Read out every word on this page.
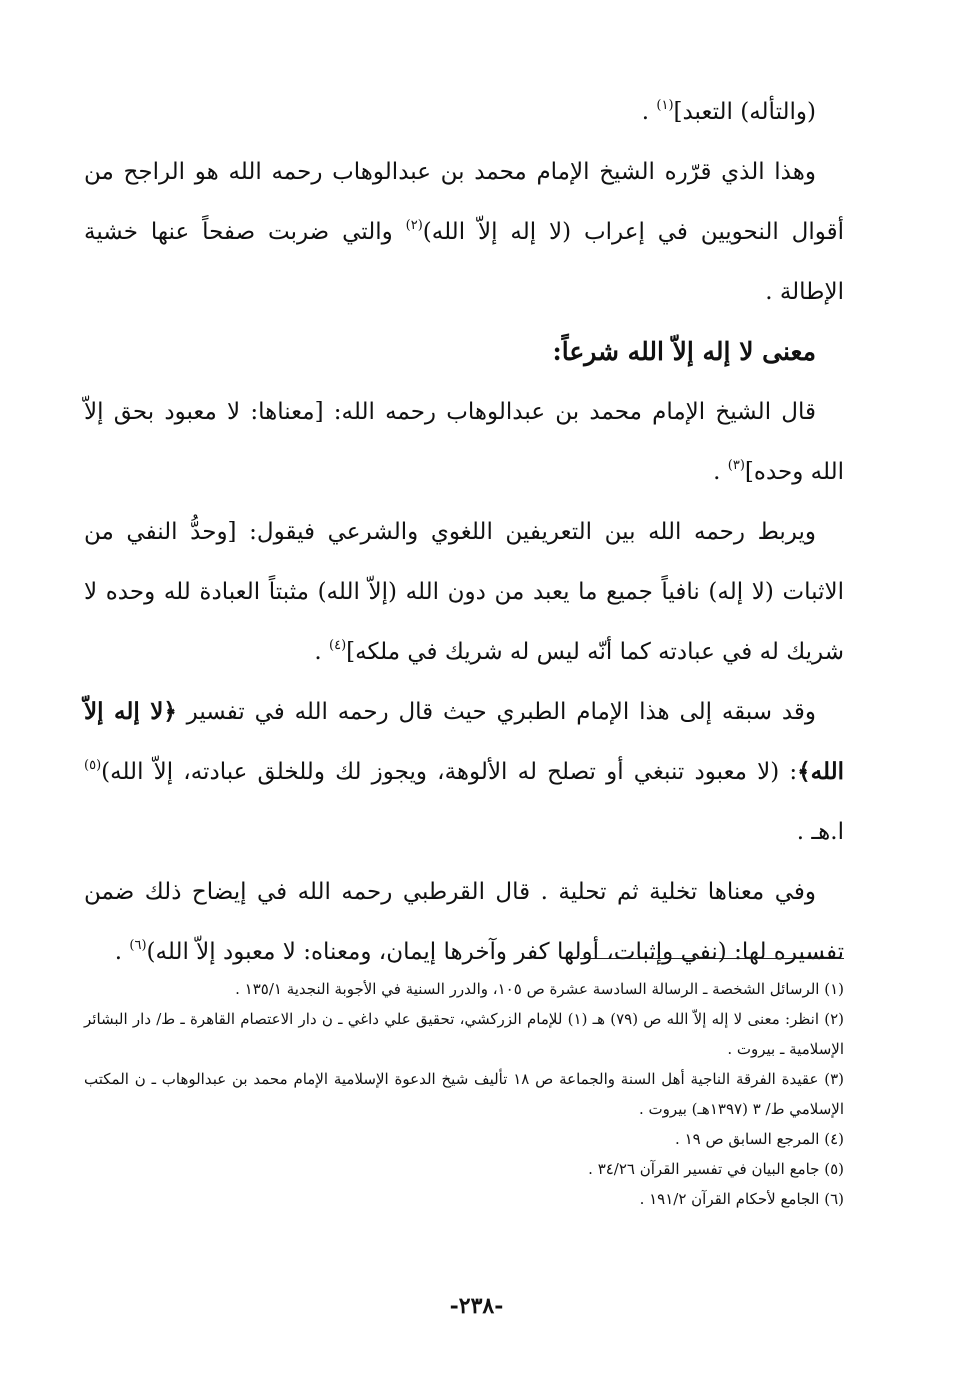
(والتأله) التعبد]$^{(١)}$ .

وهذا الذي قرّره الشيخ الإمام محمد بن عبدالوهاب رحمه الله هو الراجح من أقوال النحويين في إعراب (لا إله إلاّ الله)$^{(٢)}$ والتي ضربت صفحاً عنها خشية الإطالة .

معنى لا إله إلاّ الله شرعاً:

قال الشيخ الإمام محمد بن عبدالوهاب رحمه الله: [معناها: لا معبود بحق إلاّ الله وحده]$^{(٣)}$ .

ويربط رحمه الله بين التعريفين اللغوي والشرعي فيقول: [وحدُّ النفي من الاثبات (لا إله) نافياً جميع ما يعبد من دون الله (إلاّ الله) مثبتاً العبادة لله وحده لا شريك له في عبادته كما أنّه ليس له شريك في ملكه]$^{(٤)}$ .

وقد سبقه إلى هذا الإمام الطبري حيث قال رحمه الله في تفسير ﴿لا إله إلاّ الله﴾: (لا معبود تنبغي أو تصلح له الألوهة، ويجوز لك وللخلق عبادته، إلاّ الله)$^{(٥)}$ ا.هـ .

وفي معناها تخلية ثم تحلية . قال القرطبي رحمه الله في إيضاح ذلك ضمن تفسيره لها: (نفي وإثبات، أولها كفر وآخرها إيمان، ومعناه: لا معبود إلاّ الله)$^{(٦)}$ .

(١) الرسائل الشخصة ـ الرسالة السادسة عشرة ص ١٠٥، والدرر السنية في الأجوبة النجدية ١٣٥/١ .

(٢) انظر: معنى لا إله إلاّ الله ص (٧٩) هـ (١) للإمام الزركشي، تحقيق علي داغي ـ ن دار الاعتصام القاهرة ـ ط/ دار البشائر الإسلامية ـ بيروت .

(٣) عقيدة الفرقة الناجية أهل السنة والجماعة ص ١٨ تأليف شيخ الدعوة الإسلامية الإمام محمد بن عبدالوهاب ـ ن المكتب الإسلامي ط/ ٣ (١٣٩٧هـ) بيروت .

(٤) المرجع السابق ص ١٩ .

(٥) جامع البيان في تفسير القرآن ٣٤/٢٦ .

(٦) الجامع لأحكام القرآن ١٩١/٢ .

-٢٣٨-
